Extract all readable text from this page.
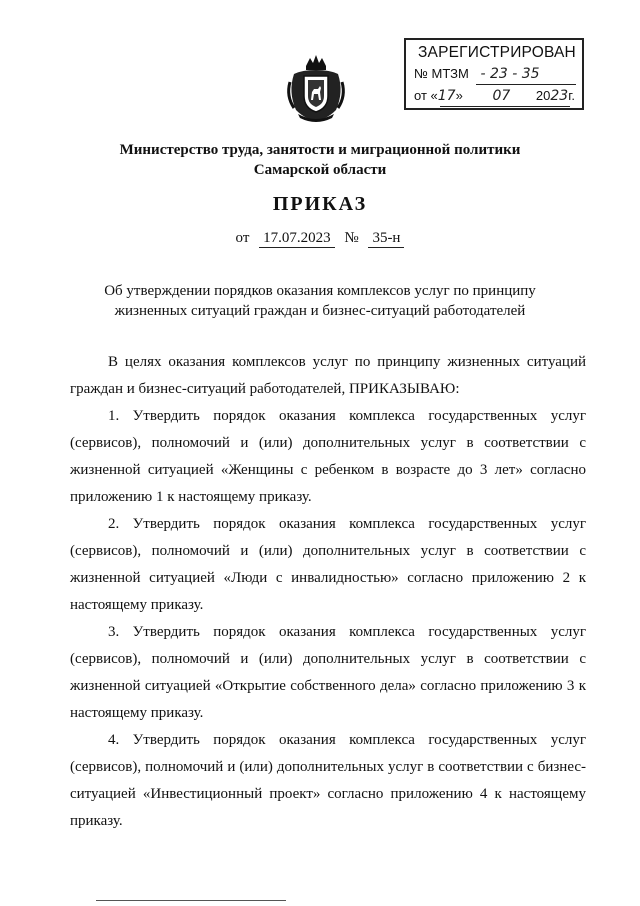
ЗАРЕГИСТРИРОВАН
№ МТЗМ - 23 - 35
от «17» 07 2023г.
Министерство труда, занятости и миграционной политики
Самарской области
ПРИКАЗ
от 17.07.2023 № 35-н
Об утверждении порядков оказания комплексов услуг по принципу
жизненных ситуаций граждан и бизнес-ситуаций работодателей

В целях оказания комплексов услуг по принципу жизненных ситуаций граждан и бизнес-ситуаций работодателей, ПРИКАЗЫВАЮ:

1. Утвердить порядок оказания комплекса государственных услуг (сервисов), полномочий и (или) дополнительных услуг в соответствии с жизненной ситуацией «Женщины с ребенком в возрасте до 3 лет» согласно приложению 1 к настоящему приказу.

2. Утвердить порядок оказания комплекса государственных услуг (сервисов), полномочий и (или) дополнительных услуг в соответствии с жизненной ситуацией «Люди с инвалидностью» согласно приложению 2 к настоящему приказу.

3. Утвердить порядок оказания комплекса государственных услуг (сервисов), полномочий и (или) дополнительных услуг в соответствии с жизненной ситуацией «Открытие собственного дела» согласно приложению 3 к настоящему приказу.

4. Утвердить порядок оказания комплекса государственных услуг (сервисов), полномочий и (или) дополнительных услуг в соответствии с бизнес-ситуацией «Инвестиционный проект» согласно приложению 4 к настоящему приказу.
